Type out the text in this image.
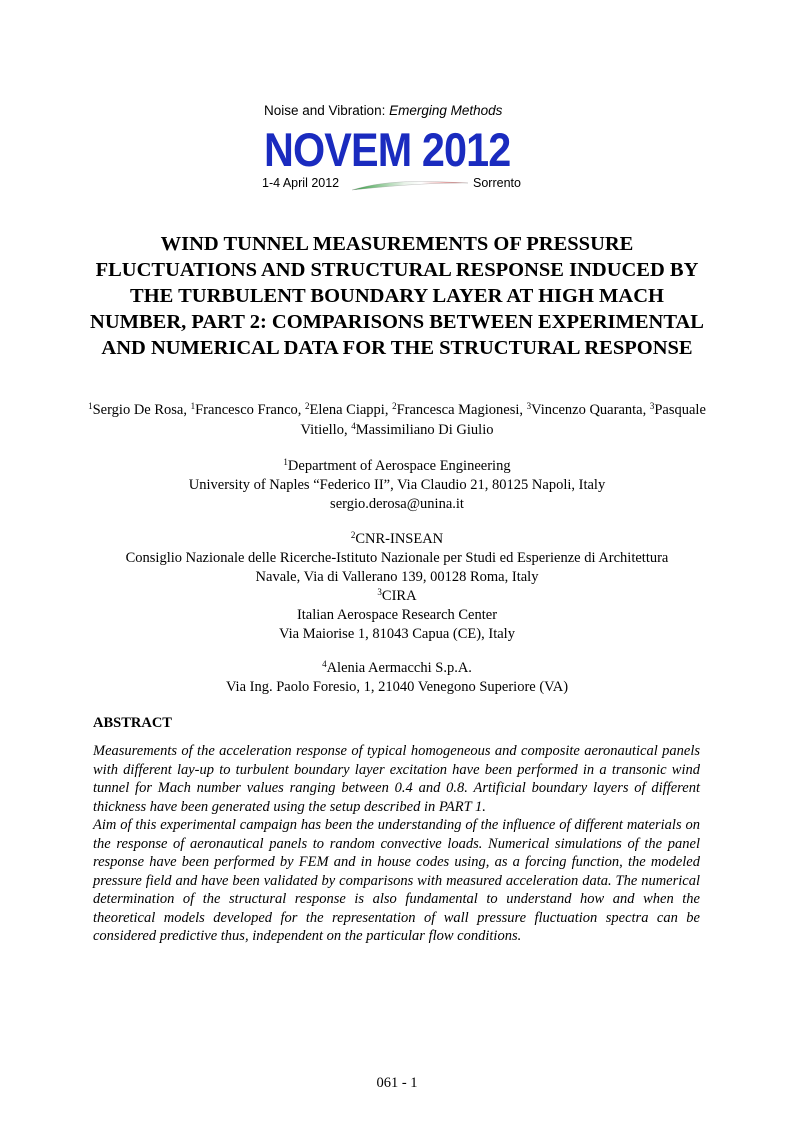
Noise and Vibration: Emerging Methods
NOVEM 2012
1-4 April 2012	Sorrento
WIND TUNNEL MEASUREMENTS OF PRESSURE FLUCTUATIONS AND STRUCTURAL RESPONSE INDUCED BY THE TURBULENT BOUNDARY LAYER AT HIGH MACH NUMBER, PART 2: COMPARISONS BETWEEN EXPERIMENTAL AND NUMERICAL DATA FOR THE STRUCTURAL RESPONSE
$^1$Sergio De Rosa, $^1$Francesco Franco, $^2$Elena Ciappi, $^2$Francesca Magionesi, $^3$Vincenzo Quaranta, $^3$Pasquale Vitiello, $^4$Massimiliano Di Giulio
$^1$Department of Aerospace Engineering
University of Naples “Federico II”, Via Claudio 21, 80125 Napoli, Italy
sergio.derosa@unina.it
$^2$CNR-INSEAN
Consiglio Nazionale delle Ricerche-Istituto Nazionale per Studi ed Esperienze di Architettura
Navale, Via di Vallerano 139, 00128 Roma, Italy
$^3$CIRA
Italian Aerospace Research Center
Via Maiorise 1, 81043 Capua (CE), Italy
$^4$Alenia Aermacchi S.p.A.
Via Ing. Paolo Foresio, 1, 21040 Venegono Superiore (VA)
ABSTRACT

Measurements of the acceleration response of typical homogeneous and composite aeronautical panels with different lay-up to turbulent boundary layer excitation have been performed in a transonic wind tunnel for Mach number values ranging between 0.4 and 0.8. Artificial boundary layers of different thickness have been generated using the setup described in PART 1.

Aim of this experimental campaign has been the understanding of the influence of different materials on the response of aeronautical panels to random convective loads. Numerical simulations of the panel response have been performed by FEM and in house codes using, as a forcing function, the modeled pressure field and have been validated by comparisons with measured acceleration data. The numerical determination of the structural response is also fundamental to understand how and when the theoretical models developed for the representation of wall pressure fluctuation spectra can be considered predictive thus, independent on the particular flow conditions.

061 - 1
